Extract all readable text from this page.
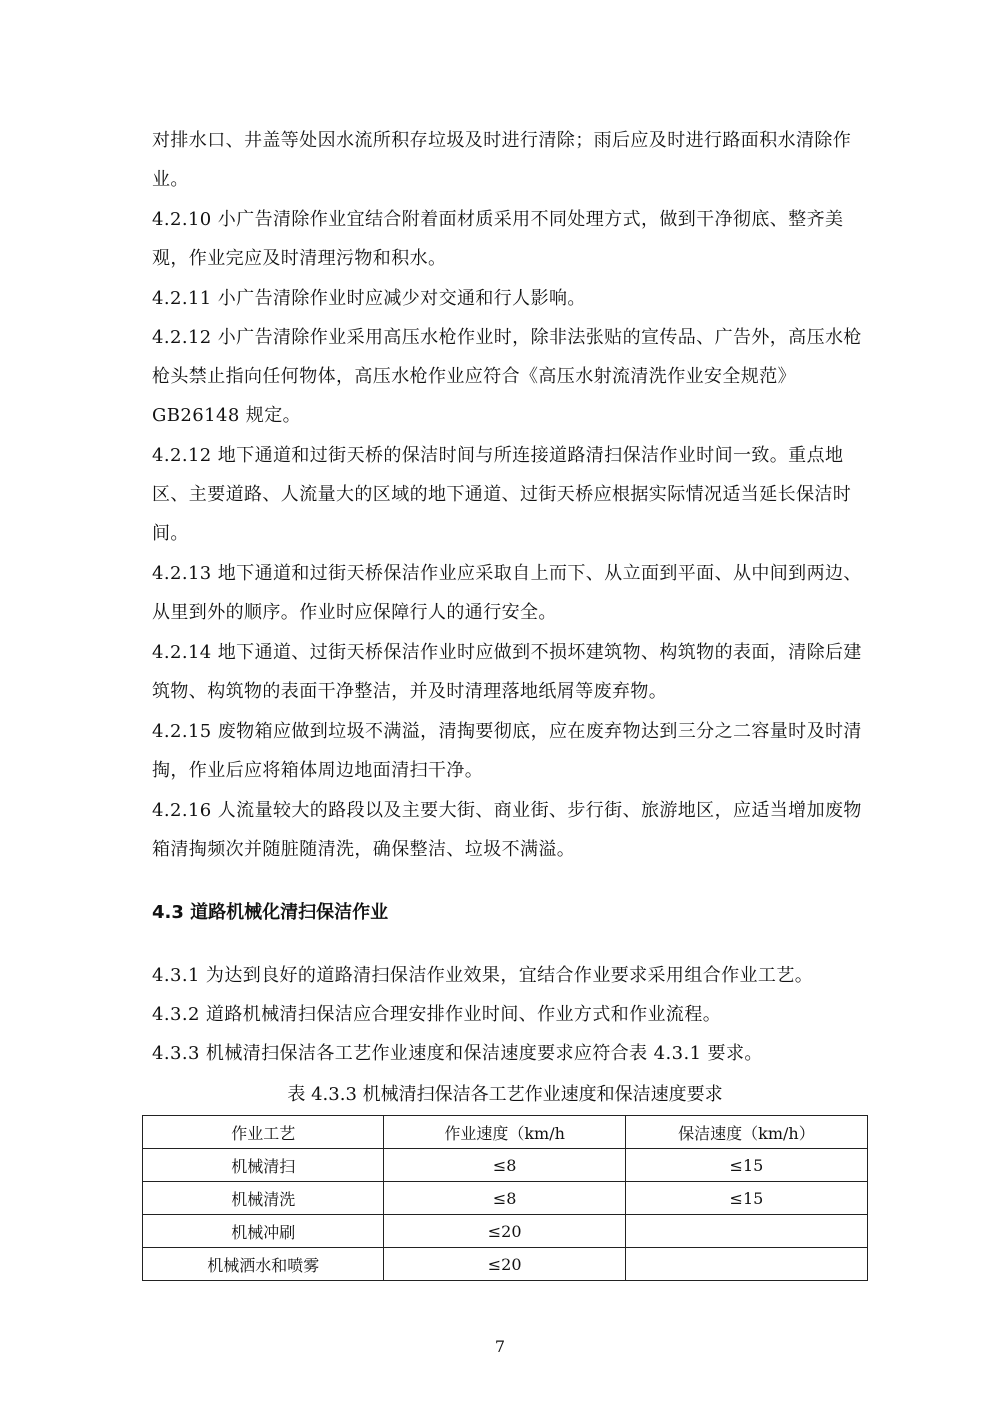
对排水口、井盖等处因水流所积存垃圾及时进行清除；雨后应及时进行路面积水清除作业。

4.2.10 小广告清除作业宜结合附着面材质采用不同处理方式，做到干净彻底、整齐美观，作业完应及时清理污物和积水。

4.2.11 小广告清除作业时应减少对交通和行人影响。

4.2.12 小广告清除作业采用高压水枪作业时，除非法张贴的宣传品、广告外，高压水枪枪头禁止指向任何物体，高压水枪作业应符合《高压水射流清洗作业安全规范》GB26148 规定。

4.2.12 地下通道和过街天桥的保洁时间与所连接道路清扫保洁作业时间一致。重点地区、主要道路、人流量大的区域的地下通道、过街天桥应根据实际情况适当延长保洁时间。

4.2.13 地下通道和过街天桥保洁作业应采取自上而下、从立面到平面、从中间到两边、从里到外的顺序。作业时应保障行人的通行安全。

4.2.14 地下通道、过街天桥保洁作业时应做到不损坏建筑物、构筑物的表面，清除后建筑物、构筑物的表面干净整洁，并及时清理落地纸屑等废弃物。

4.2.15 废物箱应做到垃圾不满溢，清掏要彻底，应在废弃物达到三分之二容量时及时清掏，作业后应将箱体周边地面清扫干净。

4.2.16 人流量较大的路段以及主要大街、商业街、步行街、旅游地区，应适当增加废物箱清掏频次并随脏随清洗，确保整洁、垃圾不满溢。

4.3 道路机械化清扫保洁作业

4.3.1 为达到良好的道路清扫保洁作业效果，宜结合作业要求采用组合作业工艺。

4.3.2 道路机械清扫保洁应合理安排作业时间、作业方式和作业流程。

4.3.3 机械清扫保洁各工艺作业速度和保洁速度要求应符合表 4.3.1 要求。

表 4.3.3 机械清扫保洁各工艺作业速度和保洁速度要求

作业工艺	作业速度（km/h	保洁速度（km/h）
机械清扫	≤8	≤15
机械清洗	≤8	≤15
机械冲刷	≤20	
机械洒水和喷雾	≤20	

7
